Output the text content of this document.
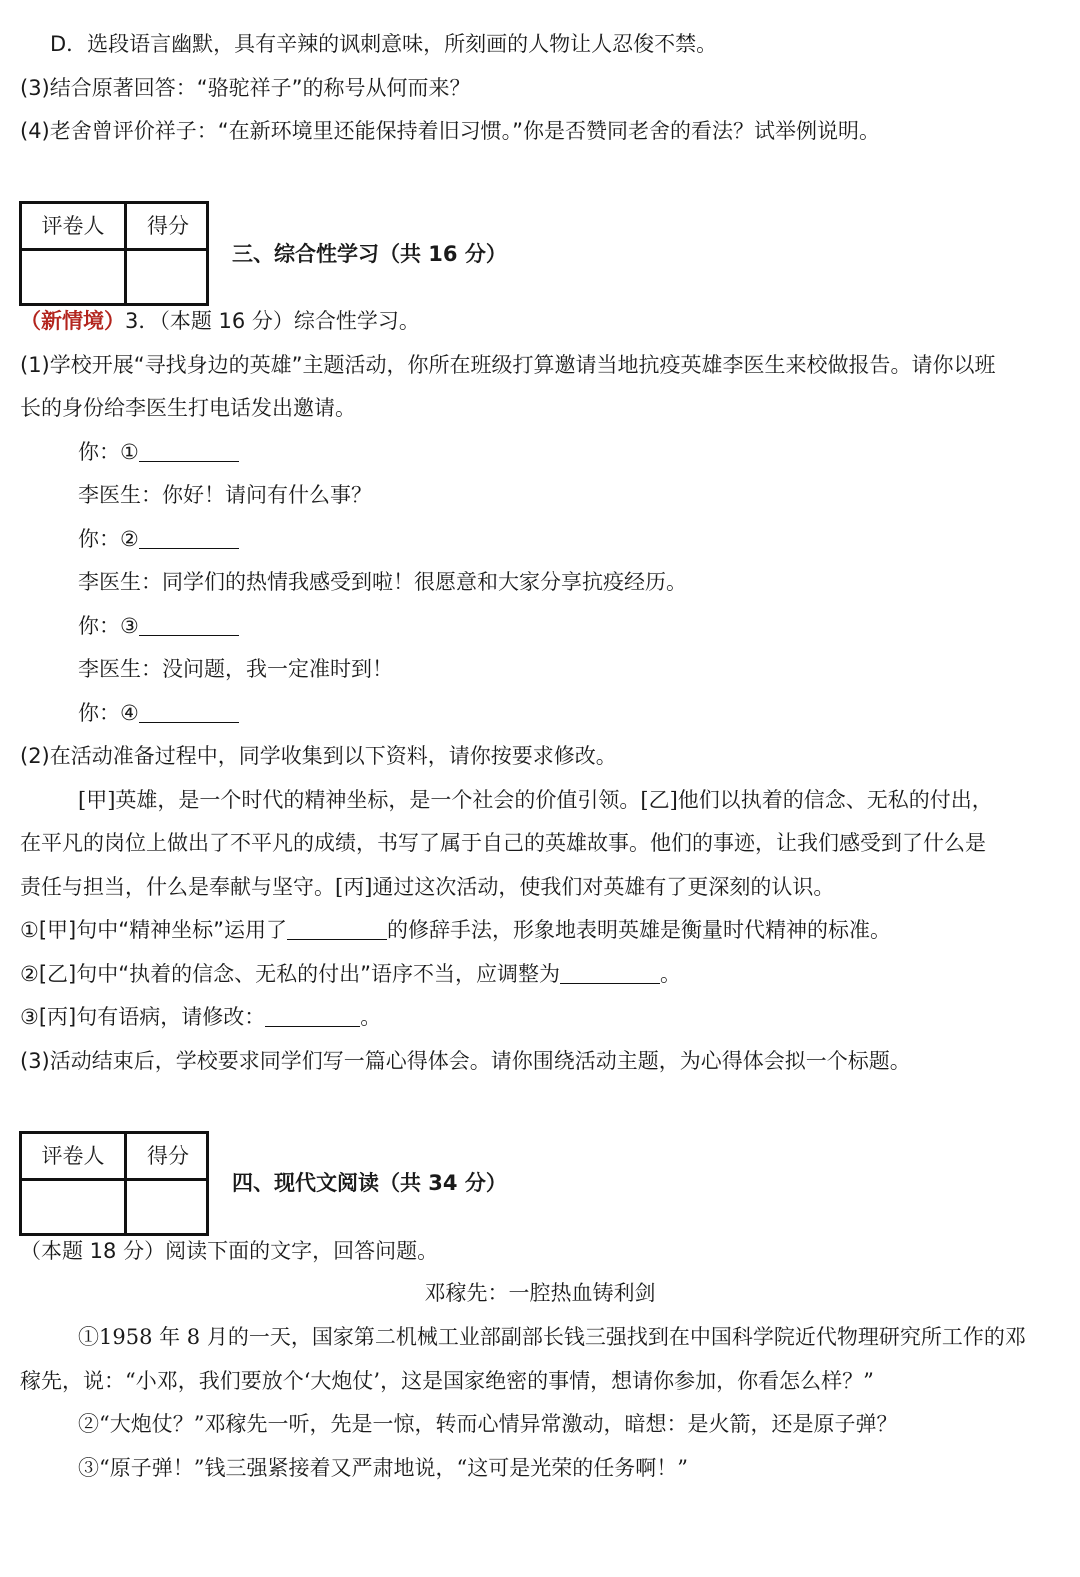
D．选段语言幽默，具有辛辣的讽刺意味，所刻画的人物让人忍俊不禁。
(3)结合原著回答：“骆驼祥子”的称号从何而来？
(4)老舍曾评价祥子：“在新环境里还能保持着旧习惯。”你是否赞同老舍的看法？试举例说明。
评卷人	得分
三、综合性学习（共 16 分）
（新情境）3．（本题 16 分）综合性学习。
(1)学校开展“寻找身边的英雄”主题活动，你所在班级打算邀请当地抗疫英雄李医生来校做报告。请你以班
长的身份给李医生打电话发出邀请。
你：①
李医生：你好！请问有什么事？
你：②
李医生：同学们的热情我感受到啦！很愿意和大家分享抗疫经历。
你：③
李医生：没问题，我一定准时到！
你：④
(2)在活动准备过程中，同学收集到以下资料，请你按要求修改。
[甲]英雄，是一个时代的精神坐标，是一个社会的价值引领。[乙]他们以执着的信念、无私的付出，
在平凡的岗位上做出了不平凡的成绩，书写了属于自己的英雄故事。他们的事迹，让我们感受到了什么是
责任与担当，什么是奉献与坚守。[丙]通过这次活动，使我们对英雄有了更深刻的认识。
①[甲]句中“精神坐标”运用了	的修辞手法，形象地表明英雄是衡量时代精神的标准。
②[乙]句中“执着的信念、无私的付出”语序不当，应调整为	。
③[丙]句有语病，请修改：	。
(3)活动结束后，学校要求同学们写一篇心得体会。请你围绕活动主题，为心得体会拟一个标题。
评卷人	得分
四、现代文阅读（共 34 分）
（本题 18 分）阅读下面的文字，回答问题。
邓稼先：一腔热血铸利剑
①1958 年 8 月的一天，国家第二机械工业部副部长钱三强找到在中国科学院近代物理研究所工作的邓
稼先，说：“小邓，我们要放个‘大炮仗’，这是国家绝密的事情，想请你参加，你看怎么样？”
②“大炮仗？”邓稼先一听，先是一惊，转而心情异常激动，暗想：是火箭，还是原子弹？
③“原子弹！”钱三强紧接着又严肃地说，“这可是光荣的任务啊！”
